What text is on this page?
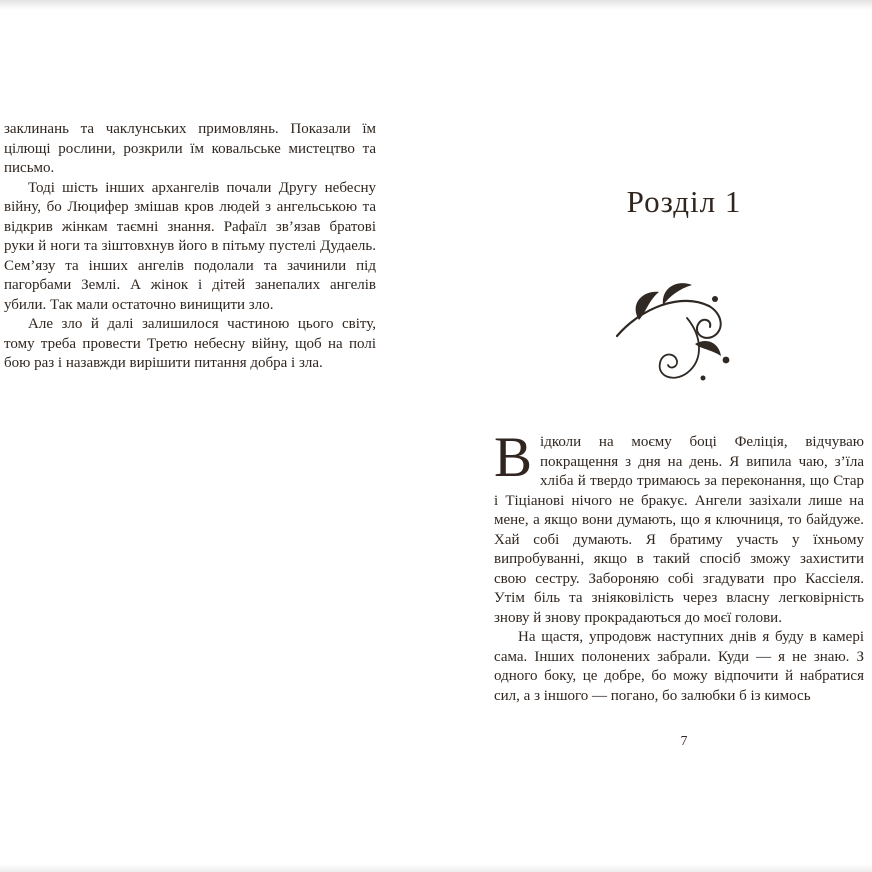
заклинань та чаклунських примовлянь. Показали їм цілющі рослини, розкрили їм ковальське мистецтво та письмо.

Тоді шість інших архангелів почали Другу небесну війну, бо Люцифер змішав кров людей з ангельською та відкрив жінкам таємні знання. Рафаїл зв’язав братові руки й ноги та зіштовхнув його в пітьму пустелі Дудаель. Сем’язу та інших ангелів подолали та зачинили під пагорбами Землі. А жінок і дітей занепалих ангелів убили. Так мали остаточно винищити зло.

Але зло й далі залишилося частиною цього світу, тому треба провести Третю небесну війну, щоб на полі бою раз і назавжди вирішити питання добра і зла.

Розділ 1

Відколи на моєму боці Феліція, відчуваю покращення з дня на день. Я випила чаю, з’їла хліба й твердо тримаюсь за переконання, що Стар і Тіціанові нічого не бракує. Ангели зазіхали лише на мене, а якщо вони думають, що я ключниця, то байдуже. Хай собі думають. Я братиму участь у їхньому випробуванні, якщо в такий спосіб зможу захистити свою сестру. Забороняю собі згадувати про Кассіеля. Утім біль та зніяковілість через власну легковірність знову й знову прокрадаються до моєї голови.

На щастя, упродовж наступних днів я буду в камері сама. Інших полонених забрали. Куди — я не знаю. З одного боку, це добре, бо можу відпочити й набратися сил, а з іншого — погано, бо залюбки б із кимось

7
